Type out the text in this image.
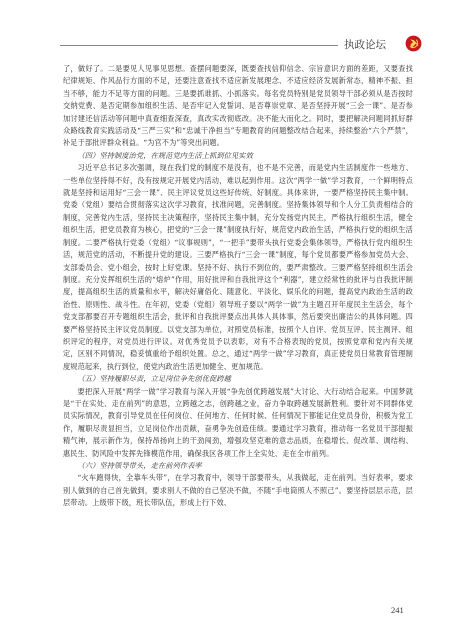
执政论坛

了，做好了。二是要见人见事见思想。查摆问题要深，既要查找信仰信念、宗旨意识方面的差距，又要查找纪律规矩、作风品行方面的不足，还要注意查找不适应新发展理念、不适应经济发展新常态，精神不振、担当不够，能力不足等方面的问题。三是要抓谁抓、小抓落实。每名党员特别是党员领导干部必须从是否按时交纳党费、是否定期参加组织生活、是否牢记入党誓词、是否尊崇党章、是否坚持开展“三会一课”、是否参加讨建还信活动等问题中真查细查深查，真改实改彻底改。决不能大而化之。同时，要把解决问题同抓好群众路线教育实践活动及“三严三实”和“忠诚干净担当”专题教育的问题整改结合起来，持续整治“六个严禁”，补足于部批评群众利益。“为官不为”等突出问题。

（四）坚持制度治党，在规范党内生活上抓到位见实效

习近平总书记多次强调，现在我们党的制度不是没有，也不是不完善，而是党内生活制度作一些地方、一些单位坚持得不好，没有按规定开展党内活动，难以起到作用。这次“两学一做”学习教育，一个鲜明特点就是坚持和运用好“三会一课”、民主评议党员这些好传统、好制度。具体来讲，一要严格坚持民主集中制。党委（党组）要结合贯彻落实这次学习教育，找准问题，完善制度。坚持集体领导和个人分工负责相结合的制度，完善党内生活，坚持民主决策程序，坚持民主集中制，充分发扬党内民主，严格执行组织生活，健全组织生活，把党员教育为核心，把党的“三会一课”制度执行好，规范党内政治生活，严格执行党的组织生活制度。二要严格执行党委（党组）“议事规则”，“一把手”要带头执行党委会集体领导，严格执行党内组织生活，规范党的活动，不断提升党的建设。三要严格执行“三会一课”制度，每个党员都要严格参加党员大会、支部委员会、党小组会，按时上好党课。坚持不好、执行不到位的，要严肃整改。三要严格坚持组织生活会制度。充分发挥组织生活的“熔炉”作用，用好批评和自我批评这个“利器”，建立经常性的批评与自我批评制度，提高组织生活的质量和水平，解决好庸俗化、随意化、平淡化、娱乐化的问题，提高党内政治生活的政治性、原则性、战斗性。在年初，党委（党组）领导班子要以“两学一做”为主题召开年度民主生活会，每个党支部都要召开专题组织生活会，批评和自我批评要点出具体人具体事，然后要突出廉洁公的具体问题。四要严格坚持民主评议党员制度。以党支部为单位，对照党员标准，按照个人自评、党员互评、民主测评、组织评定的程序，对党员进行评议。对优秀党员予以表彰，对有不合格表现的党员，按照党章和党内有关规定，区别不同情况，稳妥慎重给予组织处置。总之，通过“两学一做”学习教育，真正使党员日常教育管理制度规范起来，执行到位，使党内政治生活更加健全、更加规范。

（五）坚持履职尽责，立足岗位争先创优促跨越

要把深入开展“两学一做”学习教育与深入开展“争先创优跨越发展”大讨论、大行动结合起来。中国梦就是“干在实处、走在前列”的意思，立跨越之志，创跨越之业，奋力争取跨越发展新胜利。要针对不同群体党员实际情况，教育引导党员在任何岗位、任何地方、任何时候、任何情况下都能记住党员身份，积极为党工作，履职尽责显担当，立足岗位作出贡献，奋勇争先创造佳绩。要通过学习教育，推动每一名党员干部提振精气神，展示新作为，保持昂扬向上的干劲闯劲，增强攻坚克难的意志品质，在稳增长、促改革、调结构、惠民生、防风险中发挥先锋模范作用，确保我区各项工作上全实处、走在全市前列。

（六）坚持领导带头，走在前列作表率

“火车跑得快，全靠车头带”，在学习教育中，领导干部要带头，从我做起，走在前列。当好表率，要求别人做到的自己首先做到，要求别人不做的自己坚决不做，不随“手电筒照人不照己”。要坚持层层示范，层层带动。上级带下级，班长带队伍，形成上行下效、

241
